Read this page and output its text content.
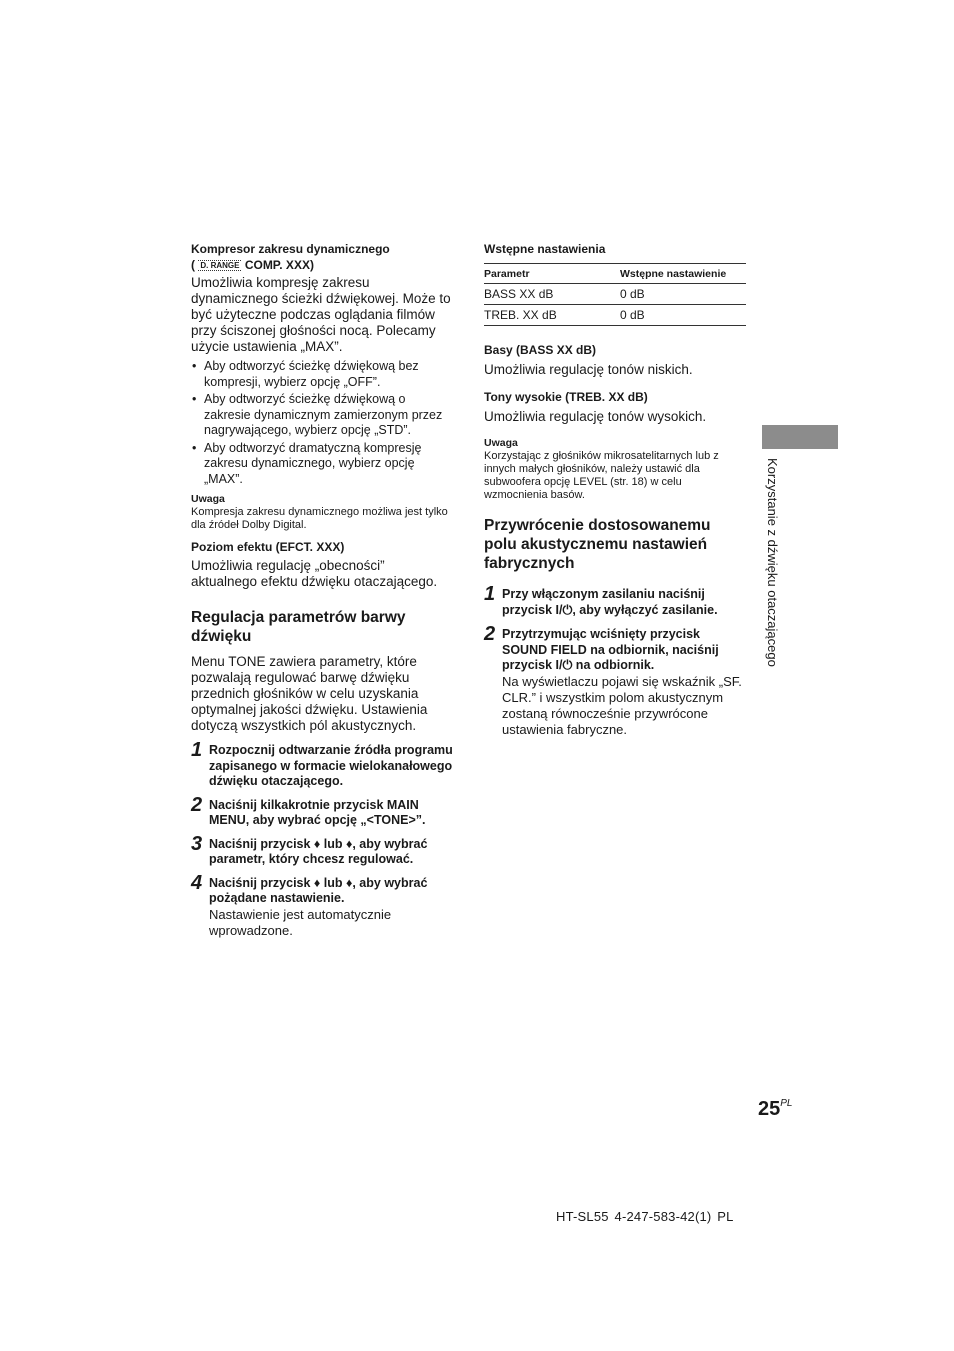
Kompresor zakresu dynamicznego
( D. RANGE COMP. XXX)

Umożliwia kompresję zakresu dynamicznego ścieżki dźwiękowej. Może to być użyteczne podczas oglądania filmów przy ściszonej głośności nocą. Polecamy użycie ustawienia „MAX”.

• Aby odtworzyć ścieżkę dźwiękową bez kompresji, wybierz opcję „OFF”.
• Aby odtworzyć ścieżkę dźwiękową o zakresie dynamicznym zamierzonym przez nagrywającego, wybierz opcję „STD”.
• Aby odtworzyć dramatyczną kompresję zakresu dynamicznego, wybierz opcję „MAX”.

Uwaga

Kompresja zakresu dynamicznego możliwa jest tylko dla źródeł Dolby Digital.

Poziom efektu (EFCT. XXX)

Umożliwia regulację „obecności” aktualnego efektu dźwięku otaczającego.

Regulacja parametrów barwy dźwięku

Menu TONE zawiera parametry, które pozwalają regulować barwę dźwięku przednich głośników w celu uzyskania optymalnej jakości dźwięku. Ustawienia dotyczą wszystkich pól akustycznych.

1 Rozpocznij odtwarzanie źródła programu zapisanego w formacie wielokanałowego dźwięku otaczającego.

2 Naciśnij kilkakrotnie przycisk MAIN MENU, aby wybrać opcję „<TONE>”.

3 Naciśnij przycisk ♦ lub ♦, aby wybrać parametr, który chcesz regulować.

4 Naciśnij przycisk ♦ lub ♦, aby wybrać pożądane nastawienie.

Nastawienie jest automatycznie wprowadzone.

Wstępne nastawienia

Parametr	Wstępne nastawienie
BASS XX dB	0 dB
TREB. XX dB	0 dB

Basy (BASS XX dB)

Umożliwia regulację tonów niskich.

Tony wysokie (TREB. XX dB)

Umożliwia regulację tonów wysokich.

Uwaga

Korzystając z głośników mikrosatelitarnych lub z innych małych głośników, należy ustawić dla subwoofera opcję LEVEL (str. 18) w celu wzmocnienia basów.

Przywrócenie dostosowanemu polu akustycznemu nastawień fabrycznych

1 Przy włączonym zasilaniu naciśnij przycisk I/⏻, aby wyłączyć zasilanie.

2 Przytrzymując wciśnięty przycisk SOUND FIELD na odbiornik, naciśnij przycisk I/⏻ na odbiornik.

Na wyświetlaczu pojawi się wskaźnik „SF. CLR.” i wszystkim polom akustycznym zostaną równocześnie przywrócone ustawienia fabryczne.

Korzystanie z dźwięku otaczającego
$25^{PL}$
HT-SL55 4-247-583-42(1) PL
